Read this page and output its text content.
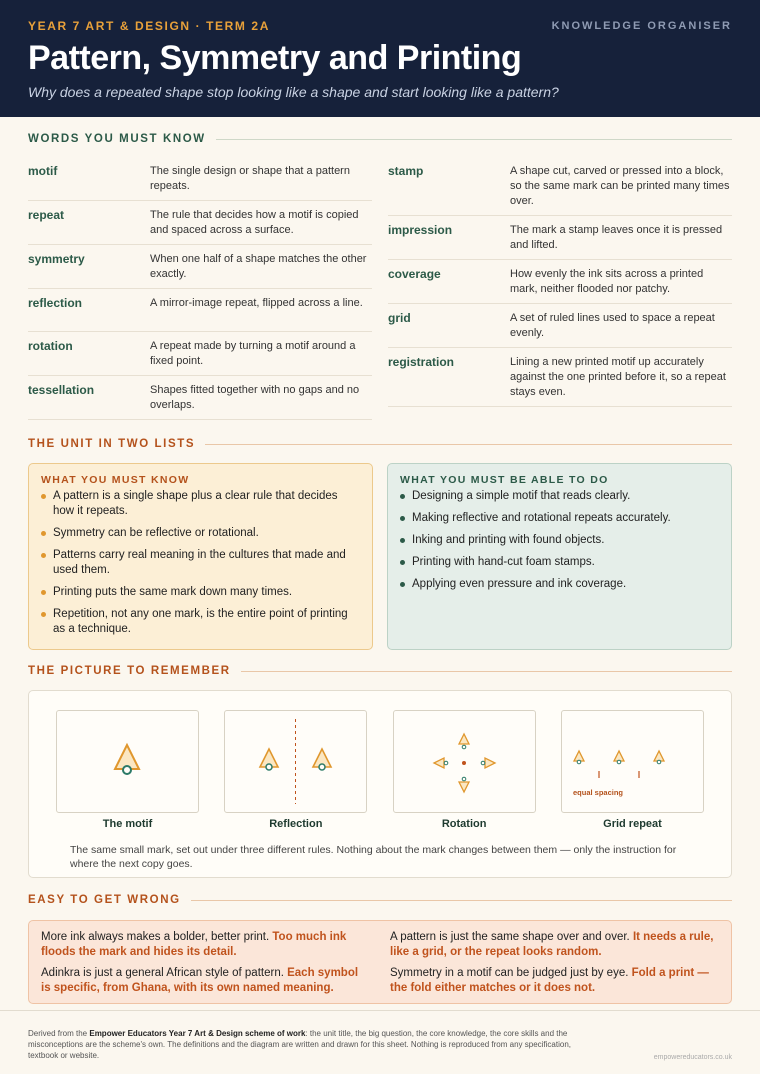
YEAR 7 ART & DESIGN · TERM 2A	KNOWLEDGE ORGANISER
Pattern, Symmetry and Printing
Why does a repeated shape stop looking like a shape and start looking like a pattern?
WORDS YOU MUST KNOW
motif	The single design or shape that a pattern repeats.
repeat	The rule that decides how a motif is copied and spaced across a surface.
symmetry	When one half of a shape matches the other exactly.
reflection	A mirror-image repeat, flipped across a line.
rotation	A repeat made by turning a motif around a fixed point.
tessellation	Shapes fitted together with no gaps and no overlaps.
stamp	A shape cut, carved or pressed into a block, so the same mark can be printed many times over.
impression	The mark a stamp leaves once it is pressed and lifted.
coverage	How evenly the ink sits across a printed mark, neither flooded nor patchy.
grid	A set of ruled lines used to space a repeat evenly.
registration	Lining a new printed motif up accurately against the one printed before it, so a repeat stays even.
THE UNIT IN TWO LISTS
WHAT YOU MUST KNOW
A pattern is a single shape plus a clear rule that decides how it repeats.
Symmetry can be reflective or rotational.
Patterns carry real meaning in the cultures that made and used them.
Printing puts the same mark down many times.
Repetition, not any one mark, is the entire point of printing as a technique.
WHAT YOU MUST BE ABLE TO DO
Designing a simple motif that reads clearly.
Making reflective and rotational repeats accurately.
Inking and printing with found objects.
Printing with hand-cut foam stamps.
Applying even pressure and ink coverage.
THE PICTURE TO REMEMBER
The motif	Reflection	Rotation
equal spacing
Grid repeat
The same small mark, set out under three different rules. Nothing about the mark changes between them — only the instruction for where the next copy goes.
EASY TO GET WRONG

More ink always makes a bolder, better print. Too much ink floods the mark and hides its detail.

Adinkra is just a general African style of pattern. Each symbol is specific, from Ghana, with its own named meaning.

A pattern is just the same shape over and over. It needs a rule, like a grid, or the repeat looks random.

Symmetry in a motif can be judged just by eye. Fold a print — the fold either matches or it does not.

Derived from the Empower Educators Year 7 Art & Design scheme of work: the unit title, the big question, the core knowledge, the core skills and the misconceptions are the scheme's own. The definitions and the diagram are written and drawn for this sheet. Nothing is reproduced from any specification, textbook or website.	empowereducators.co.uk
